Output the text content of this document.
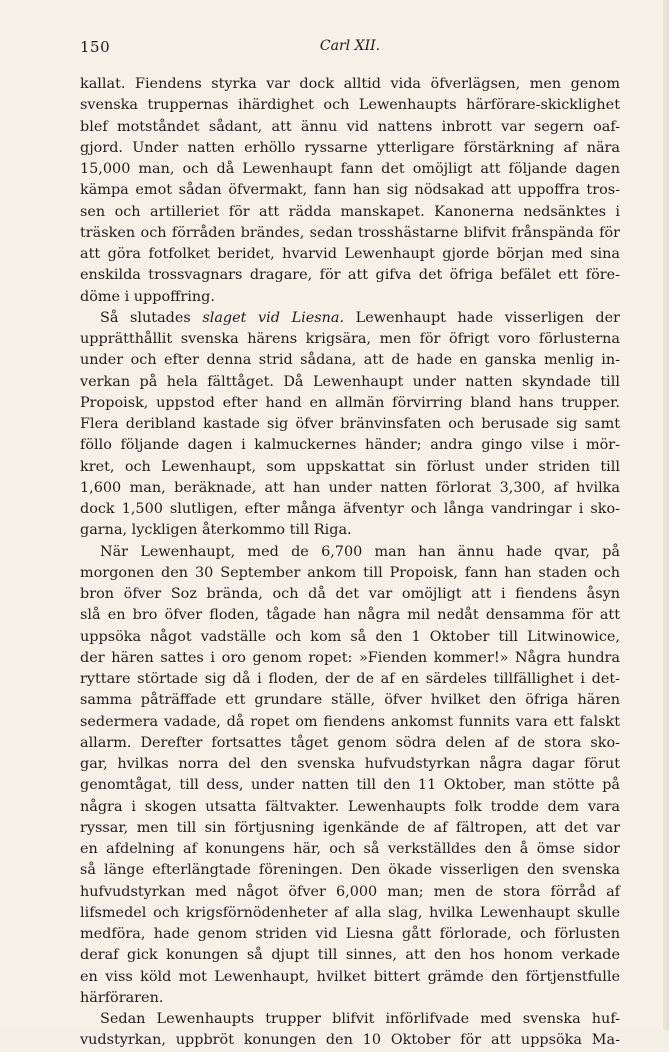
150	Carl XII.
kallat. Fiendens styrka var dock alltid vida öfverlägsen, men genom
svenska truppernas ihärdighet och Lewenhaupts härförare-skicklighet
blef motståndet sådant, att ännu vid nattens inbrott var segern oaf-
gjord. Under natten erhöllo ryssarne ytterligare förstärkning af nära
15,000 man, och då Lewenhaupt fann det omöjligt att följande dagen
kämpa emot sådan öfvermakt, fann han sig nödsakad att uppoffra tros-
sen och artilleriet för att rädda manskapet. Kanonerna nedsänktes i
träsken och förråden brändes, sedan trosshästarne blifvit frånspända för
att göra fotfolket beridet, hvarvid Lewenhaupt gjorde början med sina
enskilda trossvagnars dragare, för att gifva det öfriga befälet ett före-
döme i uppoffring.
Så slutades slaget vid Liesna. Lewenhaupt hade visserligen der
upprätthållit svenska härens krigsära, men för öfrigt voro förlusterna
under och efter denna strid sådana, att de hade en ganska menlig in-
verkan på hela fälttåget. Då Lewenhaupt under natten skyndade till
Propoisk, uppstod efter hand en allmän förvirring bland hans trupper.
Flera deribland kastade sig öfver bränvinsfaten och berusade sig samt
föllo följande dagen i kalmuckernes händer; andra gingo vilse i mör-
kret, och Lewenhaupt, som uppskattat sin förlust under striden till
1,600 man, beräknade, att han under natten förlorat 3,300, af hvilka
dock 1,500 slutligen, efter många äfventyr och långa vandringar i sko-
garna, lyckligen återkommo till Riga.
När Lewenhaupt, med de 6,700 man han ännu hade qvar, på
morgonen den 30 September ankom till Propoisk, fann han staden och
bron öfver Soz brända, och då det var omöjligt att i fiendens åsyn
slå en bro öfver floden, tågade han några mil nedåt densamma för att
uppsöka något vadställe och kom så den 1 Oktober till Litwinowice,
der hären sattes i oro genom ropet: »Fienden kommer!» Några hundra
ryttare störtade sig då i floden, der de af en särdeles tillfällighet i det-
samma påträffade ett grundare ställe, öfver hvilket den öfriga hären
sedermera vadade, då ropet om fiendens ankomst funnits vara ett falskt
allarm. Derefter fortsattes tåget genom södra delen af de stora sko-
gar, hvilkas norra del den svenska hufvudstyrkan några dagar förut
genomtågat, till dess, under natten till den 11 Oktober, man stötte på
några i skogen utsatta fältvakter. Lewenhaupts folk trodde dem vara
ryssar, men till sin förtjusning igenkände de af fältropen, att det var
en afdelning af konungens här, och så verkställdes den å ömse sidor
så länge efterlängtade föreningen. Den ökade visserligen den svenska
hufvudstyrkan med något öfver 6,000 man; men de stora förråd af
lifsmedel och krigsförnödenheter af alla slag, hvilka Lewenhaupt skulle
medföra, hade genom striden vid Liesna gått förlorade, och förlusten
deraf gick konungen så djupt till sinnes, att den hos honom verkade
en viss köld mot Lewenhaupt, hvilket bittert grämde den förtjenstfulle
härföraren.
Sedan Lewenhaupts trupper blifvit införlifvade med svenska huf-
vudstyrkan, uppbröt konungen den 10 Oktober för att uppsöka Ma-
